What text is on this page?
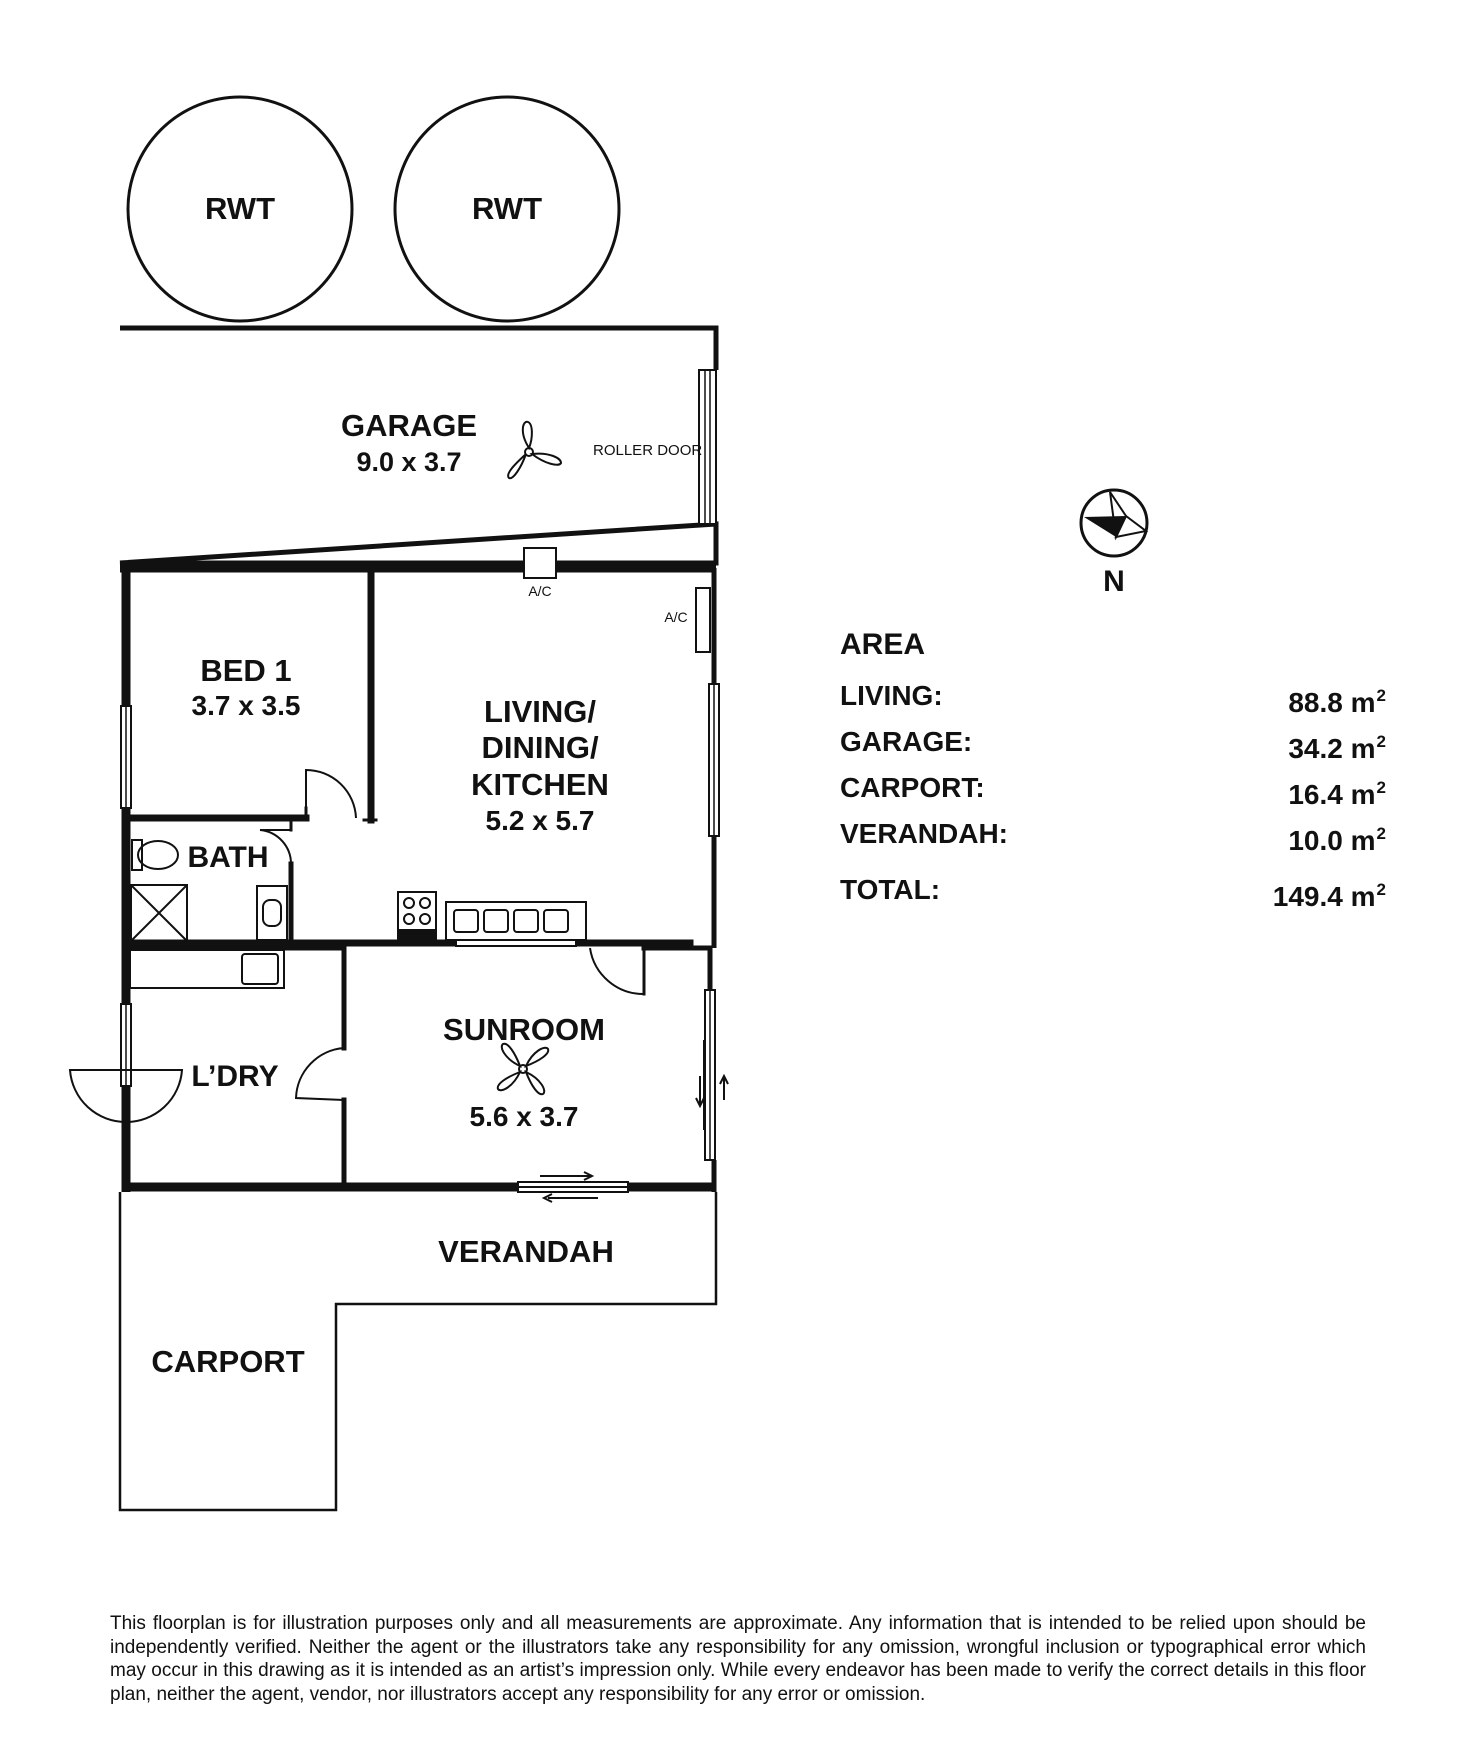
RWT	RWT
ROLLER DOOR
GARAGE
9.0 x 3.7
A/C
A/C
BED 1
3.7 x 3.5	LIVING/
DINING/
KITCHEN
5.2 x 5.7
BATH
L’DRY
SUNROOM
5.6 x 3.7
VERANDAH
CARPORT
N
AREA
LIVING:	88.8 $m^2$
GARAGE:	34.2 $m^2$
CARPORT:	16.4 $m^2$
VERANDAH:	10.0 $m^2$
TOTAL:	149.4 $m^2$
This floorplan is for illustration purposes only and all measurements are approximate. Any information that is intended to be relied upon should be independently verified. Neither the agent or the illustrators take any responsibility for any omission, wrongful inclusion or typographical error which may occur in this drawing as it is intended as an artist’s impression only. While every endeavor has been made to verify the correct details in this floor plan, neither the agent, vendor, nor illustrators accept any responsibility for any error or omission.
